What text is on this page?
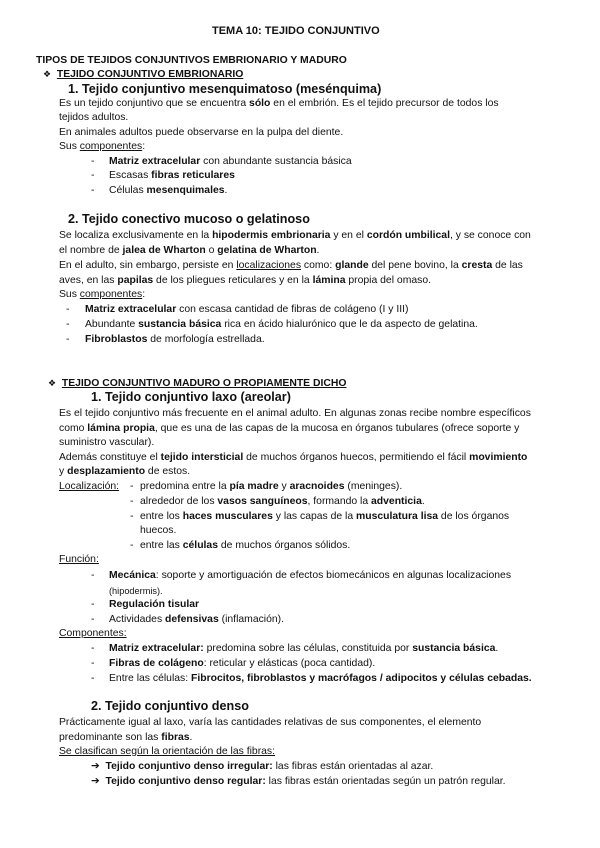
TEMA 10: TEJIDO CONJUNTIVO
TIPOS DE TEJIDOS CONJUNTIVOS EMBRIONARIO Y MADURO
❖ TEJIDO CONJUNTIVO EMBRIONARIO
1. Tejido conjuntivo mesenquimatoso (mesénquima)
Es un tejido conjuntivo que se encuentra sólo en el embrión. Es el tejido precursor de todos los
tejidos adultos.
En animales adultos puede observarse en la pulpa del diente.
Sus componentes:
- Matriz extracelular con abundante sustancia básica
- Escasas fibras reticulares
- Células mesenquimales.
2. Tejido conectivo mucoso o gelatinoso
Se localiza exclusivamente en la hipodermis embrionaria y en el cordón umbilical, y se conoce con
el nombre de jalea de Wharton o gelatina de Wharton.
En el adulto, sin embargo, persiste en localizaciones como: glande del pene bovino, la cresta de las
aves, en las papilas de los pliegues reticulares y en la lámina propia del omaso.
Sus componentes:
- Matriz extracelular con escasa cantidad de fibras de colágeno (I y III)
- Abundante sustancia básica rica en ácido hialurónico que le da aspecto de gelatina.
- Fibroblastos de morfología estrellada.
❖ TEJIDO CONJUNTIVO MADURO O PROPIAMENTE DICHO
1. Tejido conjuntivo laxo (areolar)
Es el tejido conjuntivo más frecuente en el animal adulto. En algunas zonas recibe nombre específicos
como lámina propia, que es una de las capas de la mucosa en órganos tubulares (ofrece soporte y
suministro vascular).
Además constituye el tejido intersticial de muchos órganos huecos, permitiendo el fácil movimiento
y desplazamiento de estos.
Localización: - predomina entre la pía madre y aracnoides (meninges).
- alrededor de los vasos sanguíneos, formando la adventicia.
- entre los haces musculares y las capas de la musculatura lisa de los órganos
huecos.
- entre las células de muchos órganos sólidos.
Función:
- Mecánica: soporte y amortiguación de efectos biomecánicos en algunas localizaciones
(hipodermis).
- Regulación tisular
- Actividades defensivas (inflamación).
Componentes:
- Matriz extracelular: predomina sobre las células, constituida por sustancia básica.
- Fibras de colágeno: reticular y elásticas (poca cantidad).
- Entre las células: Fibrocitos, fibroblastos y macrófagos / adipocitos y células cebadas.
2. Tejido conjuntivo denso
Prácticamente igual al laxo, varía las cantidades relativas de sus componentes, el elemento
predominante son las fibras.
Se clasifican según la orientación de las fibras:
➔ Tejido conjuntivo denso irregular: las fibras están orientadas al azar.
➔ Tejido conjuntivo denso regular: las fibras están orientadas según un patrón regular.
